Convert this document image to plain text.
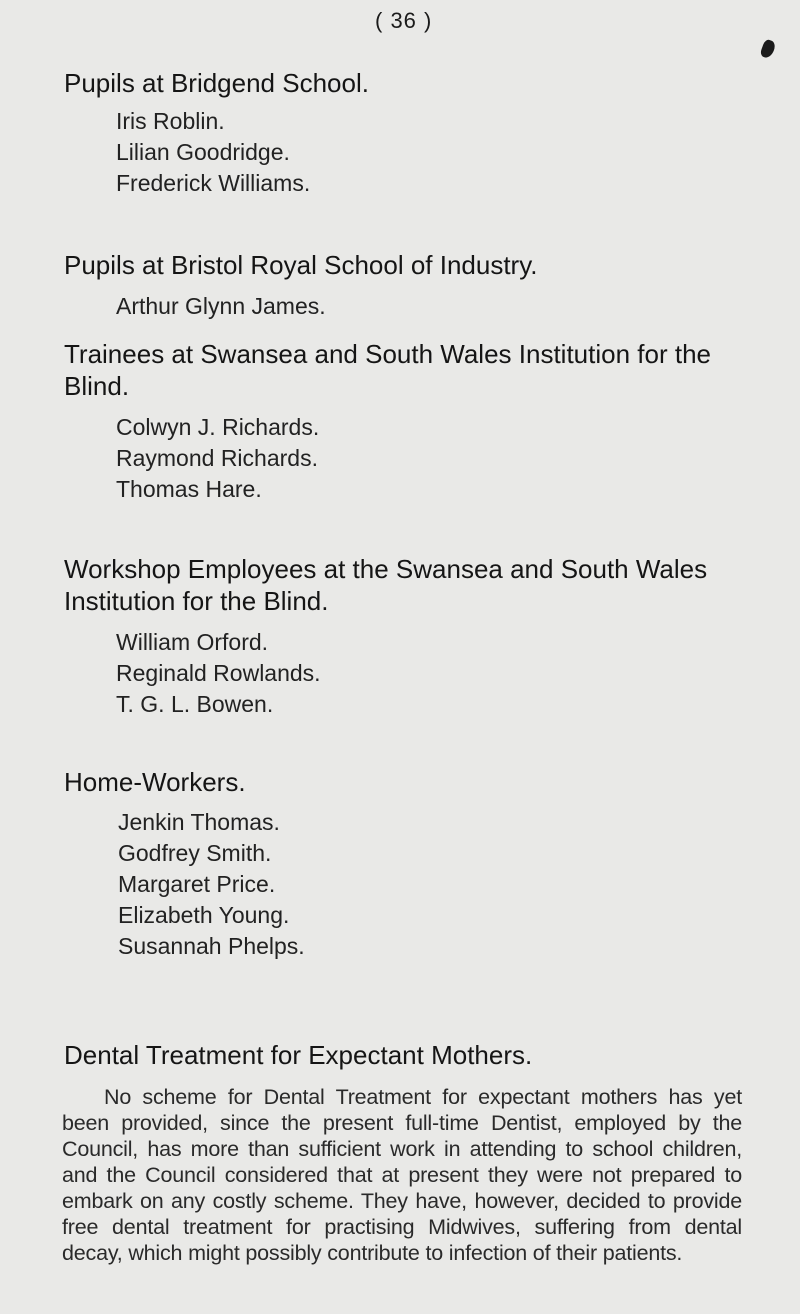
( 36 )
Pupils at Bridgend School.
Iris Roblin.
Lilian Goodridge.
Frederick Williams.
Pupils at Bristol Royal School of Industry.
Arthur Glynn James.
Trainees at Swansea and South Wales Institution for the Blind.
Colwyn J. Richards.
Raymond Richards.
Thomas Hare.
Workshop Employees at the Swansea and South Wales Institution for the Blind.
William Orford.
Reginald Rowlands.
T. G. L. Bowen.
Home-Workers.
Jenkin Thomas.
Godfrey Smith.
Margaret Price.
Elizabeth Young.
Susannah Phelps.
Dental Treatment for Expectant Mothers.

No scheme for Dental Treatment for expectant mothers has yet been provided, since the present full-time Dentist, employed by the Council, has more than sufficient work in attending to school children, and the Council considered that at present they were not prepared to embark on any costly scheme. They have, however, decided to provide free dental treatment for practising Midwives, suffering from dental decay, which might possibly contribute to infection of their patients.
